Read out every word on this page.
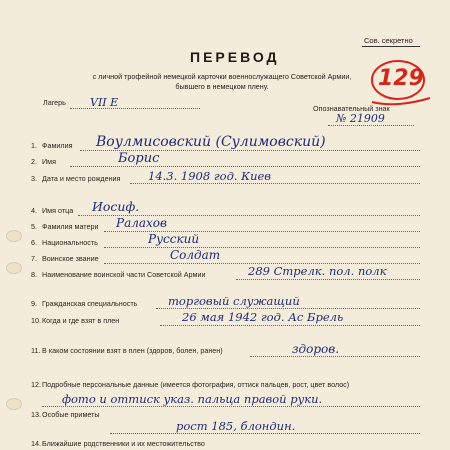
Сов. секретно
129
ПЕРЕВОД
с личной трофейной немецкой карточки военнослужащего Советской Армии,
бывшего в немецком плену.
Лагерь VII E	Опознавательный знак
№ 21909
1. Фамилия Воулмисовский (Сулимовский)
2. Имя	Борис
3. Дата и место рождения 14.3. 1908 год. Киев
4. Имя отца Иосиф.
5. Фамилия матери Ралахов
6. Национальность	Русский
7. Воинское звание	Солдат
8. Наименование воинской части Советской Армии	289 Стрелк. пол. полк
9. Гражданская специальность	торговый служащий
10. Когда и где взят в плен	26 мая 1942 год. Ас Брель
11. В каком состоянии взят в плен (здоров, болен, ранен)	здоров.
12. Подробные персональные данные (имеется фотография, оттиск пальцев, рост, цвет волос)
фото и оттиск указ. пальца правой руки.
13. Особые приметы
рост 185, блондин.
14. Ближайшие родственники и их местожительство
